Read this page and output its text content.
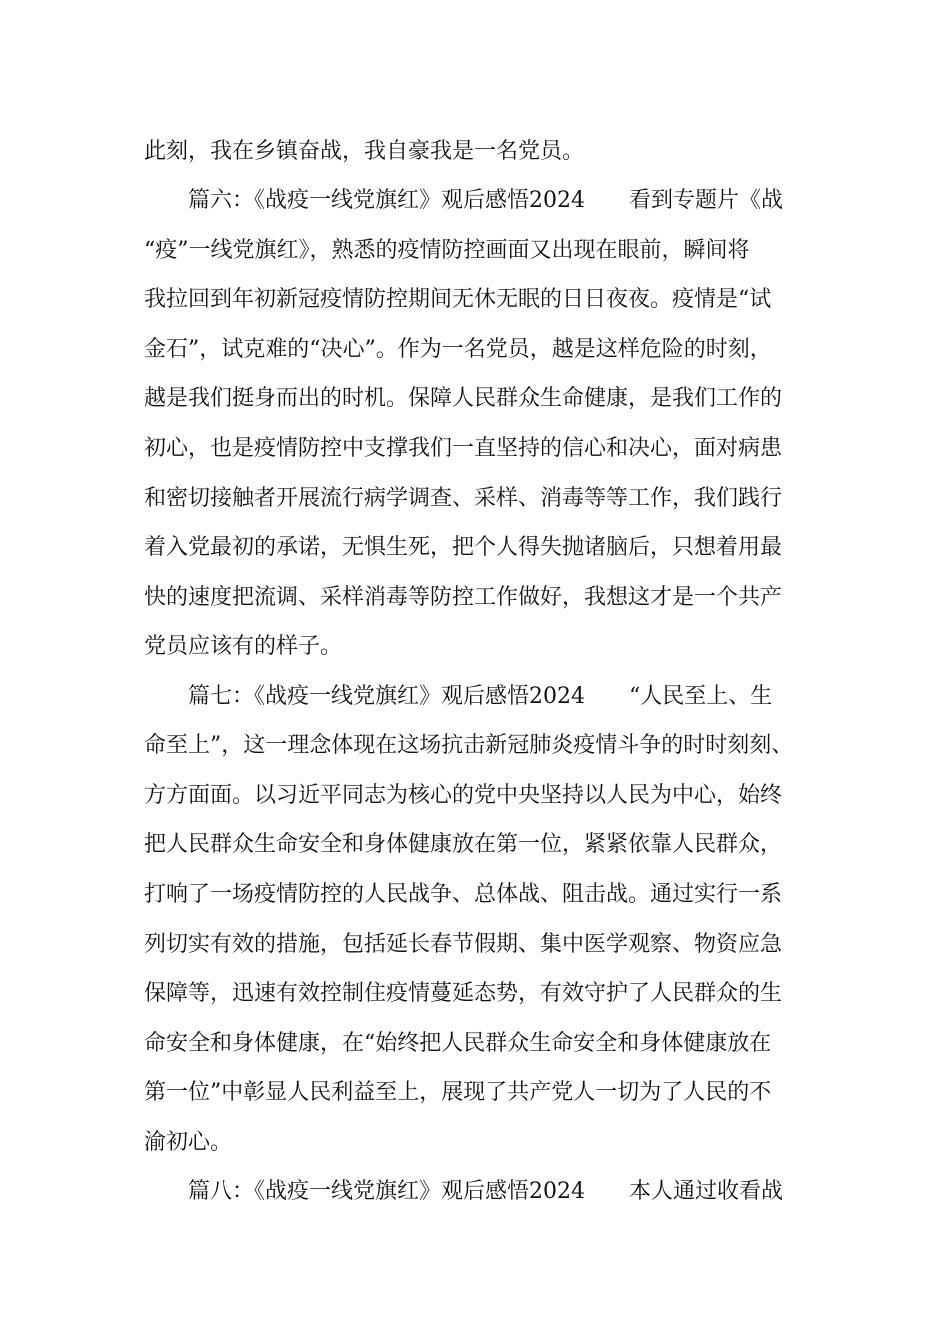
此刻，我在乡镇奋战，我自豪我是一名党员。
篇六：《战疫一线党旗红》观后感悟2024　　看到专题片《战
“疫”一线党旗红》，熟悉的疫情防控画面又出现在眼前，瞬间将
我拉回到年初新冠疫情防控期间无休无眠的日日夜夜。疫情是“试
金石”，试克难的“决心”。作为一名党员，越是这样危险的时刻，
越是我们挺身而出的时机。保障人民群众生命健康，是我们工作的
初心，也是疫情防控中支撑我们一直坚持的信心和决心，面对病患
和密切接触者开展流行病学调查、采样、消毒等等工作，我们践行
着入党最初的承诺，无惧生死，把个人得失抛诸脑后，只想着用最
快的速度把流调、采样消毒等防控工作做好，我想这才是一个共产
党员应该有的样子。
篇七：《战疫一线党旗红》观后感悟2024　　“人民至上、生
命至上”，这一理念体现在这场抗击新冠肺炎疫情斗争的时时刻刻、
方方面面。以习近平同志为核心的党中央坚持以人民为中心，始终
把人民群众生命安全和身体健康放在第一位，紧紧依靠人民群众，
打响了一场疫情防控的人民战争、总体战、阻击战。通过实行一系
列切实有效的措施，包括延长春节假期、集中医学观察、物资应急
保障等，迅速有效控制住疫情蔓延态势，有效守护了人民群众的生
命安全和身体健康，在“始终把人民群众生命安全和身体健康放在
第一位”中彰显人民利益至上，展现了共产党人一切为了人民的不
渝初心。
篇八：《战疫一线党旗红》观后感悟2024　　本人通过收看战
